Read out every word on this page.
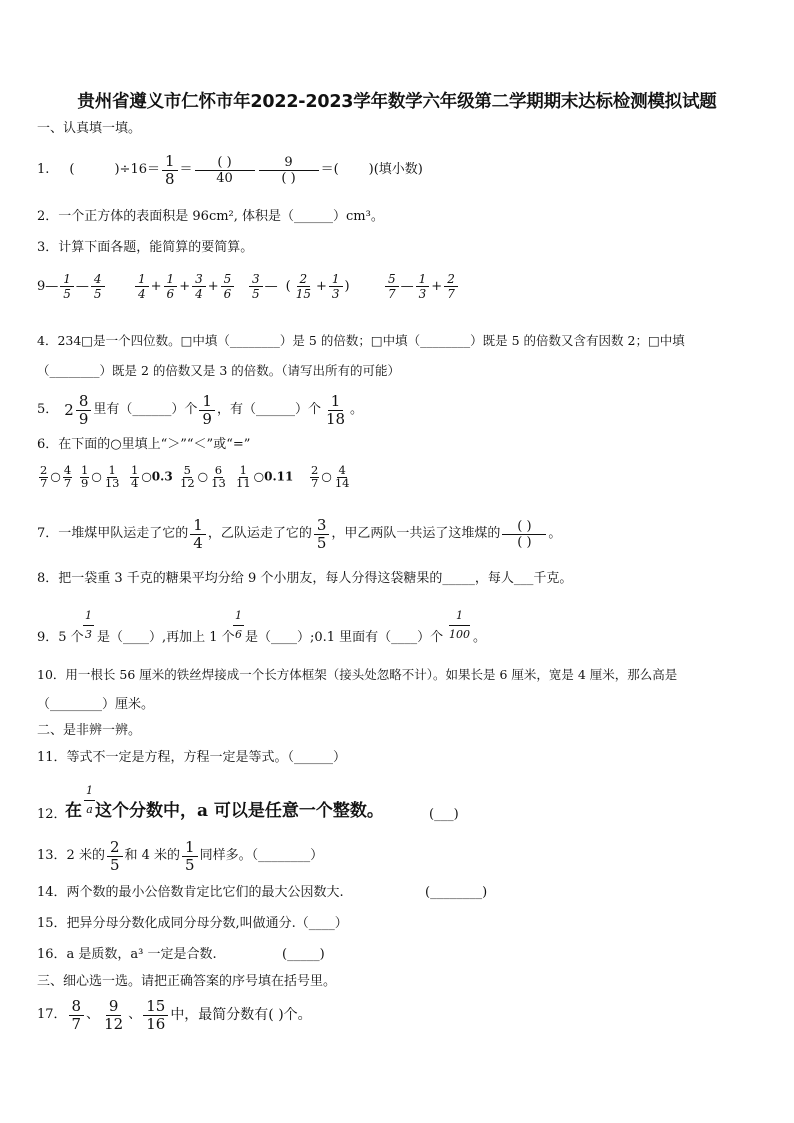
贵州省遵义市仁怀市年2022-2023学年数学六年级第二学期期末达标检测模拟试题
一、认真填一填。
1. (	)$\div 16= \frac{1}{8} = \frac{( )}{40} \frac{9}{( )}$ ＝( )(填小数)
2．一个正方体的表面积是 96cm², 体积是（______）cm³。
3．计算下面各题，能简算的要简算。
9— $\frac{1}{5}$ — $\frac{4}{5}$	$\frac{1}{4} + \frac{1}{6} + \frac{3}{4} + \frac{5}{6} \frac{3}{5}$ — ( $\frac{2}{15} + \frac{1}{3}$ )	$\frac{5}{7}$ — $\frac{1}{3} + \frac{2}{7}$
4．234□是一个四位数。□中填（________）是 5 的倍数；□中填（________）既是 5 的倍数又含有因数 2；□中填
（________）既是 2 的倍数又是 3 的倍数。（请写出所有的可能）
5． $2 \frac{8}{9}$ 里有（______）个 $\frac{1}{9}$ ，有（______）个 $\frac{1}{18}$ 。
6．在下面的○里填上“＞”“＜”或“=”
$\frac{2}{7}$ ○ $\frac{4}{7} \frac{1}{9}$ ○ $\frac{1}{13} \frac{1}{4}$ ○0.3 $\frac{5}{12}$ ○ $\frac{6}{13} \frac{1}{11}$ ○0.11 $\frac{2}{7}$ ○ $\frac{4}{14}$
7．一堆煤甲队运走了它的 $\frac{1}{4}$ ，乙队运走了它的 $\frac{3}{5}$ ，甲乙两队一共运了这堆煤的 $\frac{( )}{( )}$ 。
8．把一袋重 3 千克的糖果平均分给 9 个小朋友，每人分得这袋糖果的_____，每人___千克。
9．5 个
1
3 是（____）,再加上 1 个
1
6 是（____）;0.1 里面有（____）个
1
100 。
10．用一根长 56 厘米的铁丝焊接成一个长方体框架（接头处忽略不计）。如果长是 6 厘米，宽是 4 厘米，那么高是
（________）厘米。
二、是非辨一辨。
11．等式不一定是方程，方程一定是等式。（______）
12．
在
1
a 这个分数中，a 可以是任意一个整数。	(___)
13．2 米的 $\frac{2}{5}$ 和 4 米的 $\frac{1}{5}$ 同样多。（________）
14．两个数的最小公倍数肯定比它们的最大公因数大.	(________)
15．把异分母分数化成同分母分数,叫做通分.（____）
16．a 是质数，a³ 一定是合数.	(_____)
三、细心选一选。请把正确答案的序号填在括号里。
17． $\frac{8}{7}$ 、 $\frac{9}{12}$ 、 $\frac{15}{16}$ 中，最简分数有( )个。
